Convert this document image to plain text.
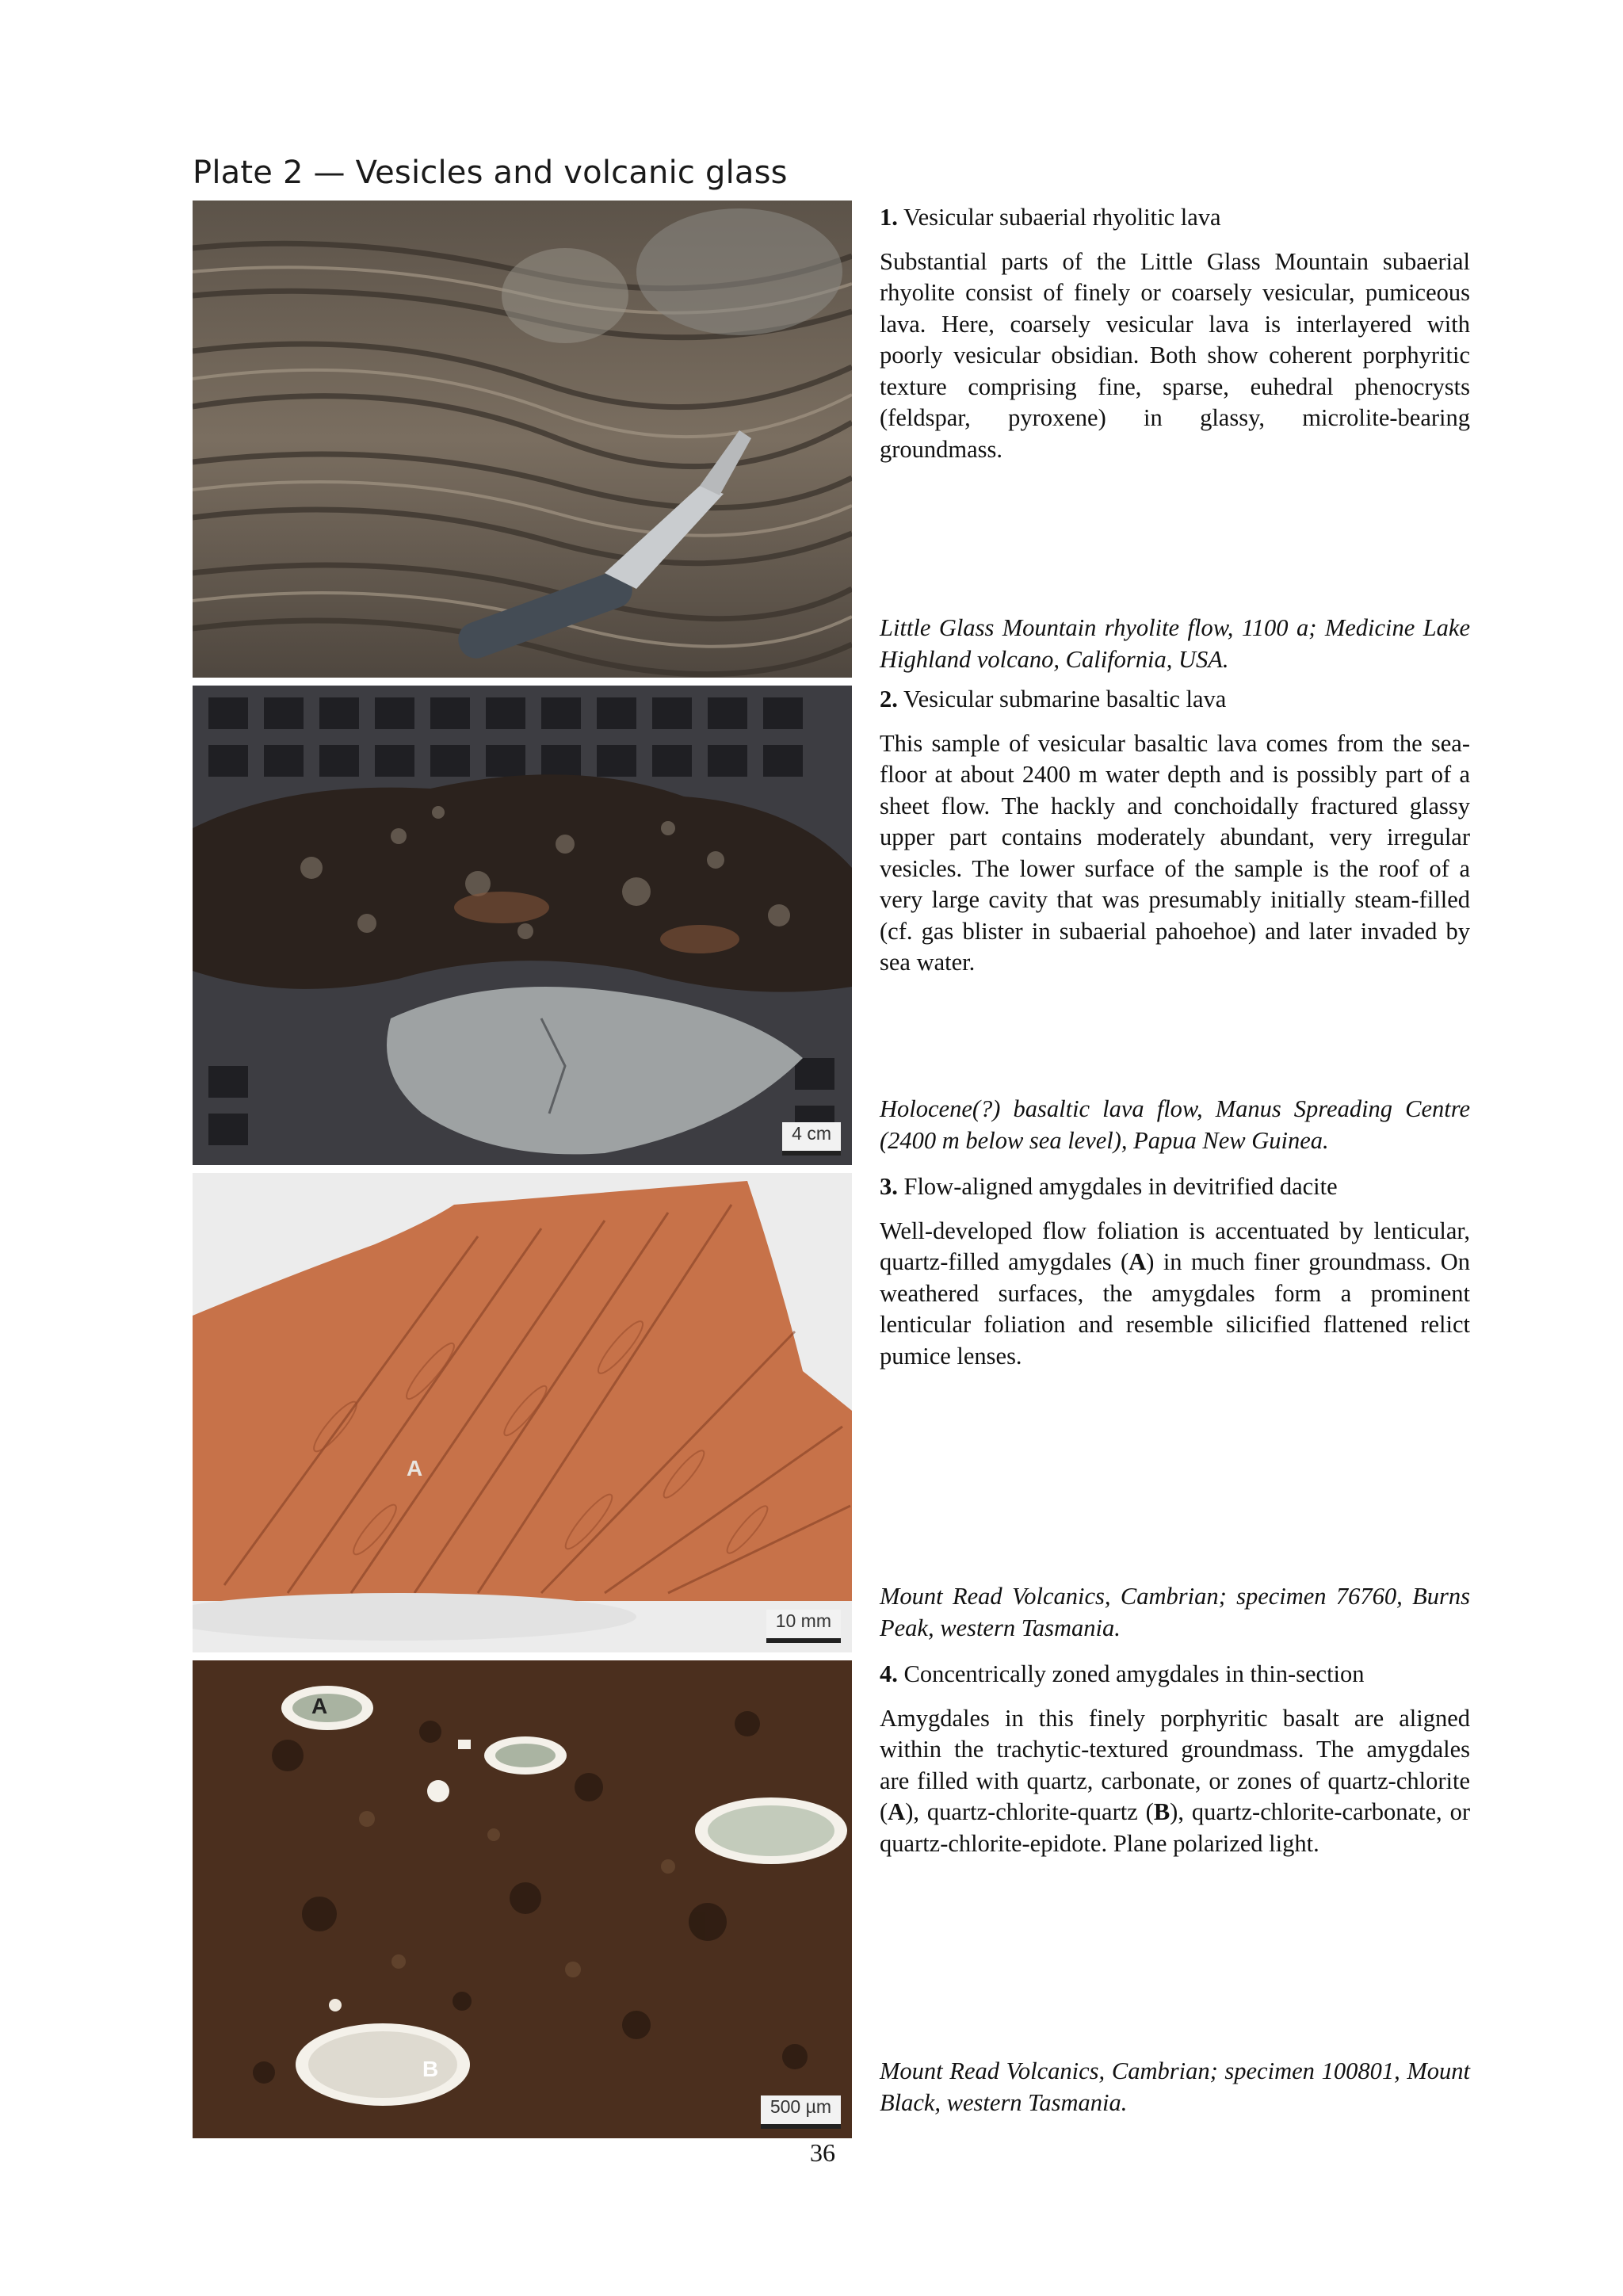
Plate 2 — Vesicles and volcanic glass

1. Vesicular subaerial rhyolitic lava

Substantial parts of the Little Glass Mountain subaerial rhyolite consist of finely or coarsely vesicular, pumiceous lava. Here, coarsely vesicular lava is interlayered with poorly vesicular obsidian. Both show coherent porphyritic texture comprising fine, sparse, euhedral phenocrysts (feldspar, pyroxene) in glassy, microlite-bearing groundmass.

Little Glass Mountain rhyolite flow, 1100 a; Medicine Lake Highland volcano, California, USA.

4 cm

2. Vesicular submarine basaltic lava

This sample of vesicular basaltic lava comes from the sea-floor at about 2400 m water depth and is possibly part of a sheet flow. The hackly and conchoidally fractured glassy upper part contains moderately abundant, very irregular vesicles. The lower surface of the sample is the roof of a very large cavity that was presumably initially steam-filled (cf. gas blister in subaerial pahoehoe) and later invaded by sea water.

Holocene(?) basaltic lava flow, Manus Spreading Centre (2400 m below sea level), Papua New Guinea.

A
10 mm

3. Flow-aligned amygdales in devitrified dacite

Well-developed flow foliation is accentuated by lenticular, quartz-filled amygdales (A) in much finer groundmass. On weathered surfaces, the amygdales form a prominent lenticular foliation and resemble silicified flattened relict pumice lenses.

Mount Read Volcanics, Cambrian; specimen 76760, Burns Peak, western Tasmania.

A
B
500 µm

4. Concentrically zoned amygdales in thin-section

Amygdales in this finely porphyritic basalt are aligned within the trachytic-textured groundmass. The amygdales are filled with quartz, carbonate, or zones of quartz-chlorite (A), quartz-chlorite-quartz (B), quartz-chlorite-carbonate, or quartz-chlorite-epidote. Plane polarized light.

Mount Read Volcanics, Cambrian; specimen 100801, Mount Black, western Tasmania.

36
